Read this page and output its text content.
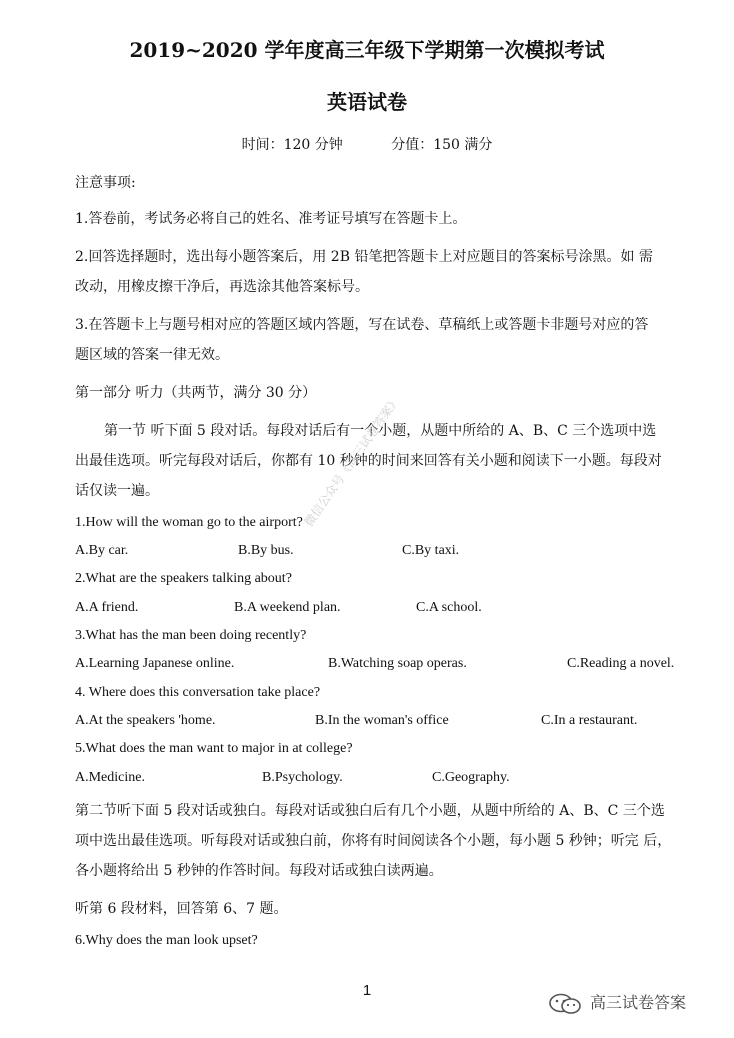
2019~2020 学年度高三年级下学期第一次模拟考试
英语试卷
时间：120 分钟	分值：150 满分
注意事项:
1.答卷前，考试务必将自己的姓名、准考证号填写在答题卡上。
2.回答选择题时，选出每小题答案后，用 2B 铅笔把答题卡上对应题目的答案标号涂黑。如 需
改动，用橡皮擦干净后，再选涂其他答案标号。
3.在答题卡上与题号相对应的答题区域内答题，写在试卷、草稿纸上或答题卡非题号对应的答
题区域的答案一律无效。
第一部分 听力（共两节，满分 30 分）
第一节 听下面 5 段对话。每段对话后有一个小题，从题中所给的 A、B、C 三个选项中选
出最佳选项。听完每段对话后，你都有 10 秒钟的时间来回答有关小题和阅读下一小题。每段对
话仅读一遍。
1.How will the woman go to the airport?
A.By car.	B.By bus.	C.By taxi.
2.What are the speakers talking about?
A.A friend.	B.A weekend plan.	C.A school.
3.What has the man been doing recently?
A.Learning Japanese online.	B.Watching soap operas.	C.Reading a novel.
4. Where does this conversation take place?
A.At the speakers 'home.	B.In the woman's office	C.In a restaurant.
5.What does the man want to major in at college?
A.Medicine.	B.Psychology.	C.Geography.
第二节听下面 5 段对话或独白。每段对话或独白后有几个小题，从题中所给的 A、B、C 三个选
项中选出最佳选项。听每段对话或独白前，你将有时间阅读各个小题，每小题 5 秒钟；听完 后，
各小题将给出 5 秒钟的作答时间。每段对话或独白读两遍。
听第 6 段材料，回答第 6、7 题。
6.Why does the man look upset?
1
高三试卷答案
微信公众号《高三试卷答案》
